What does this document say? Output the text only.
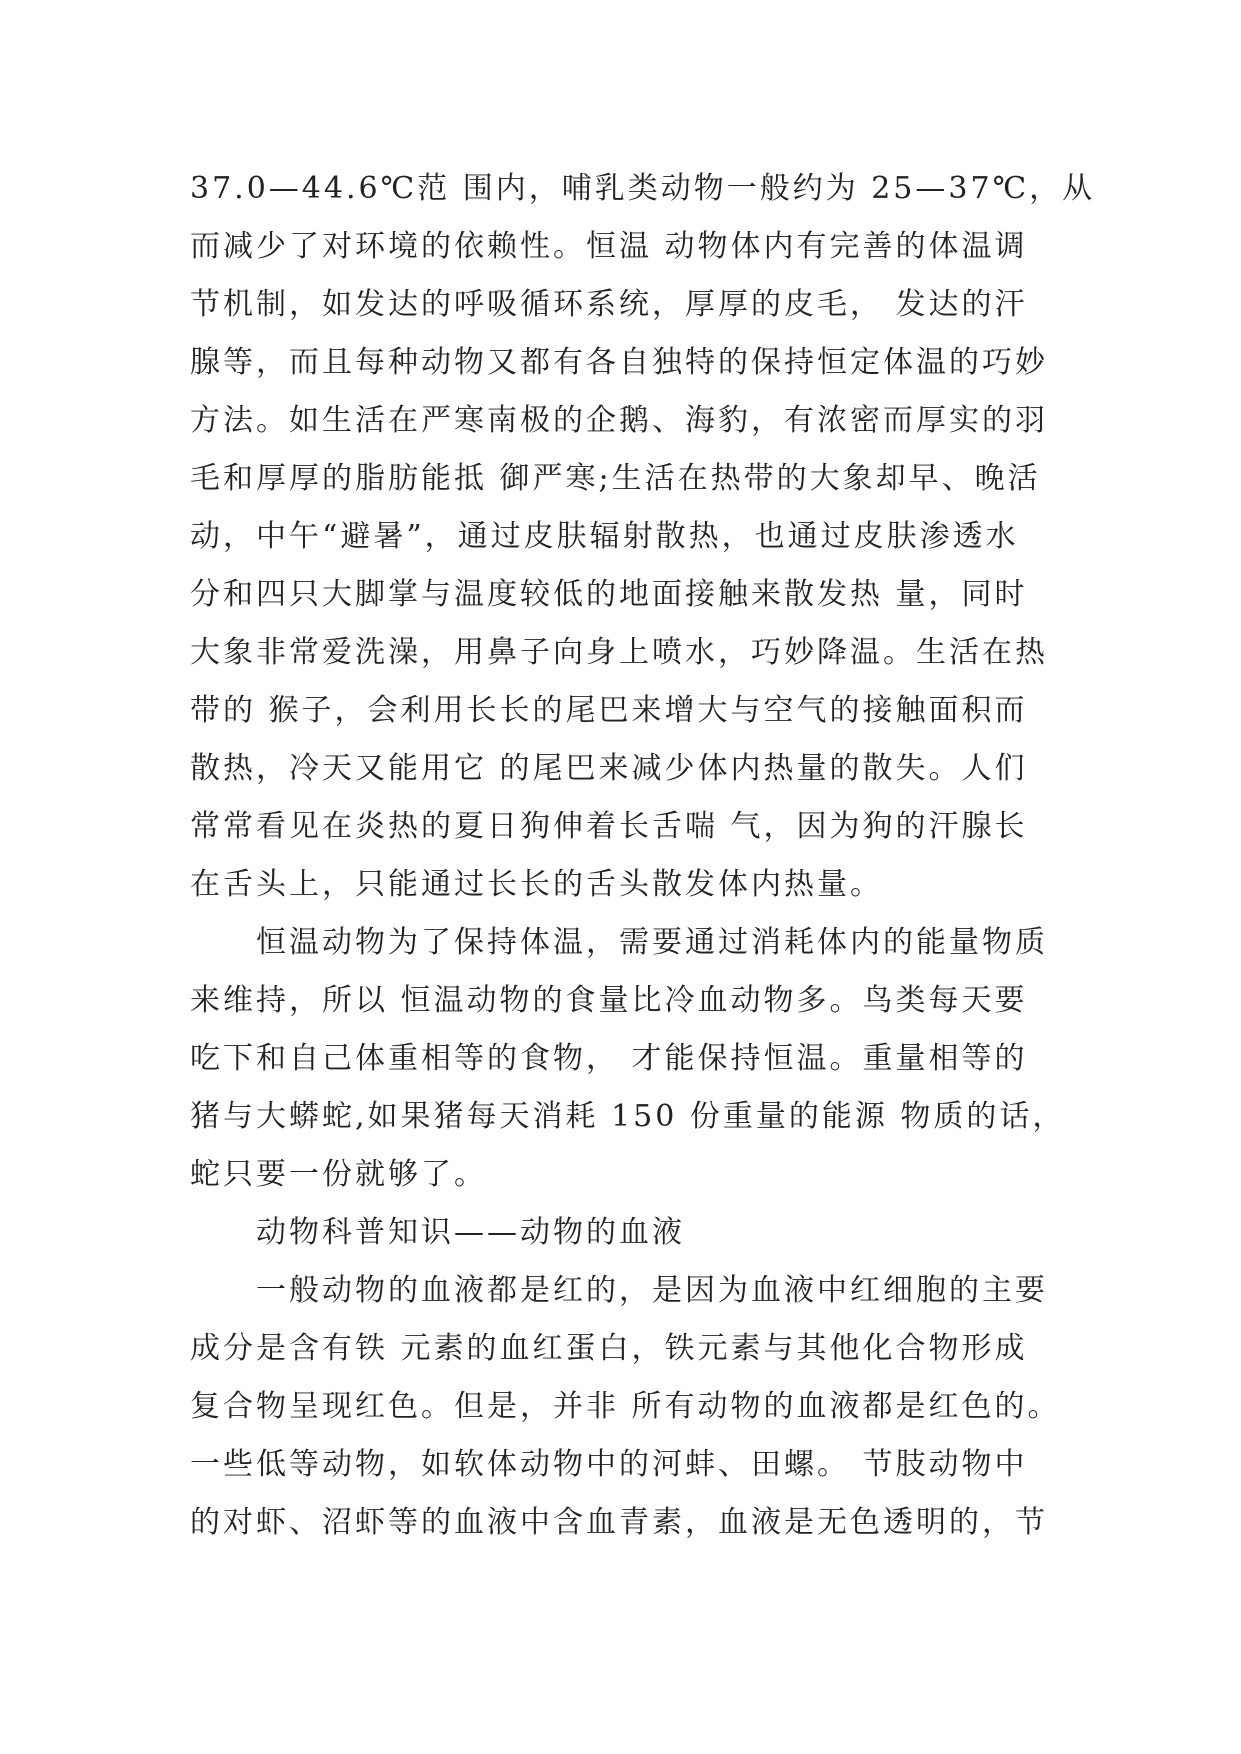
37.0—44.6℃范 围内，哺乳类动物一般约为 25—37℃，从
而减少了对环境的依赖性。恒温 动物体内有完善的体温调
节机制，如发达的呼吸循环系统，厚厚的皮毛， 发达的汗
腺等，而且每种动物又都有各自独特的保持恒定体温的巧妙
方法。如生活在严寒南极的企鹅、海豹，有浓密而厚实的羽
毛和厚厚的脂肪能抵 御严寒;生活在热带的大象却早、晚活
动，中午“避暑”，通过皮肤辐射散热，也通过皮肤渗透水
分和四只大脚掌与温度较低的地面接触来散发热 量，同时
大象非常爱洗澡，用鼻子向身上喷水，巧妙降温。生活在热
带的 猴子，会利用长长的尾巴来增大与空气的接触面积而
散热，冷天又能用它 的尾巴来减少体内热量的散失。人们
常常看见在炎热的夏日狗伸着长舌喘 气，因为狗的汗腺长
在舌头上，只能通过长长的舌头散发体内热量。
恒温动物为了保持体温，需要通过消耗体内的能量物质
来维持，所以 恒温动物的食量比冷血动物多。鸟类每天要
吃下和自己体重相等的食物， 才能保持恒温。重量相等的
猪与大蟒蛇,如果猪每天消耗 150 份重量的能源 物质的话，
蛇只要一份就够了。
动物科普知识——动物的血液
一般动物的血液都是红的，是因为血液中红细胞的主要
成分是含有铁 元素的血红蛋白，铁元素与其他化合物形成
复合物呈现红色。但是，并非 所有动物的血液都是红色的。
一些低等动物，如软体动物中的河蚌、田螺。 节肢动物中
的对虾、沼虾等的血液中含血青素，血液是无色透明的，节
